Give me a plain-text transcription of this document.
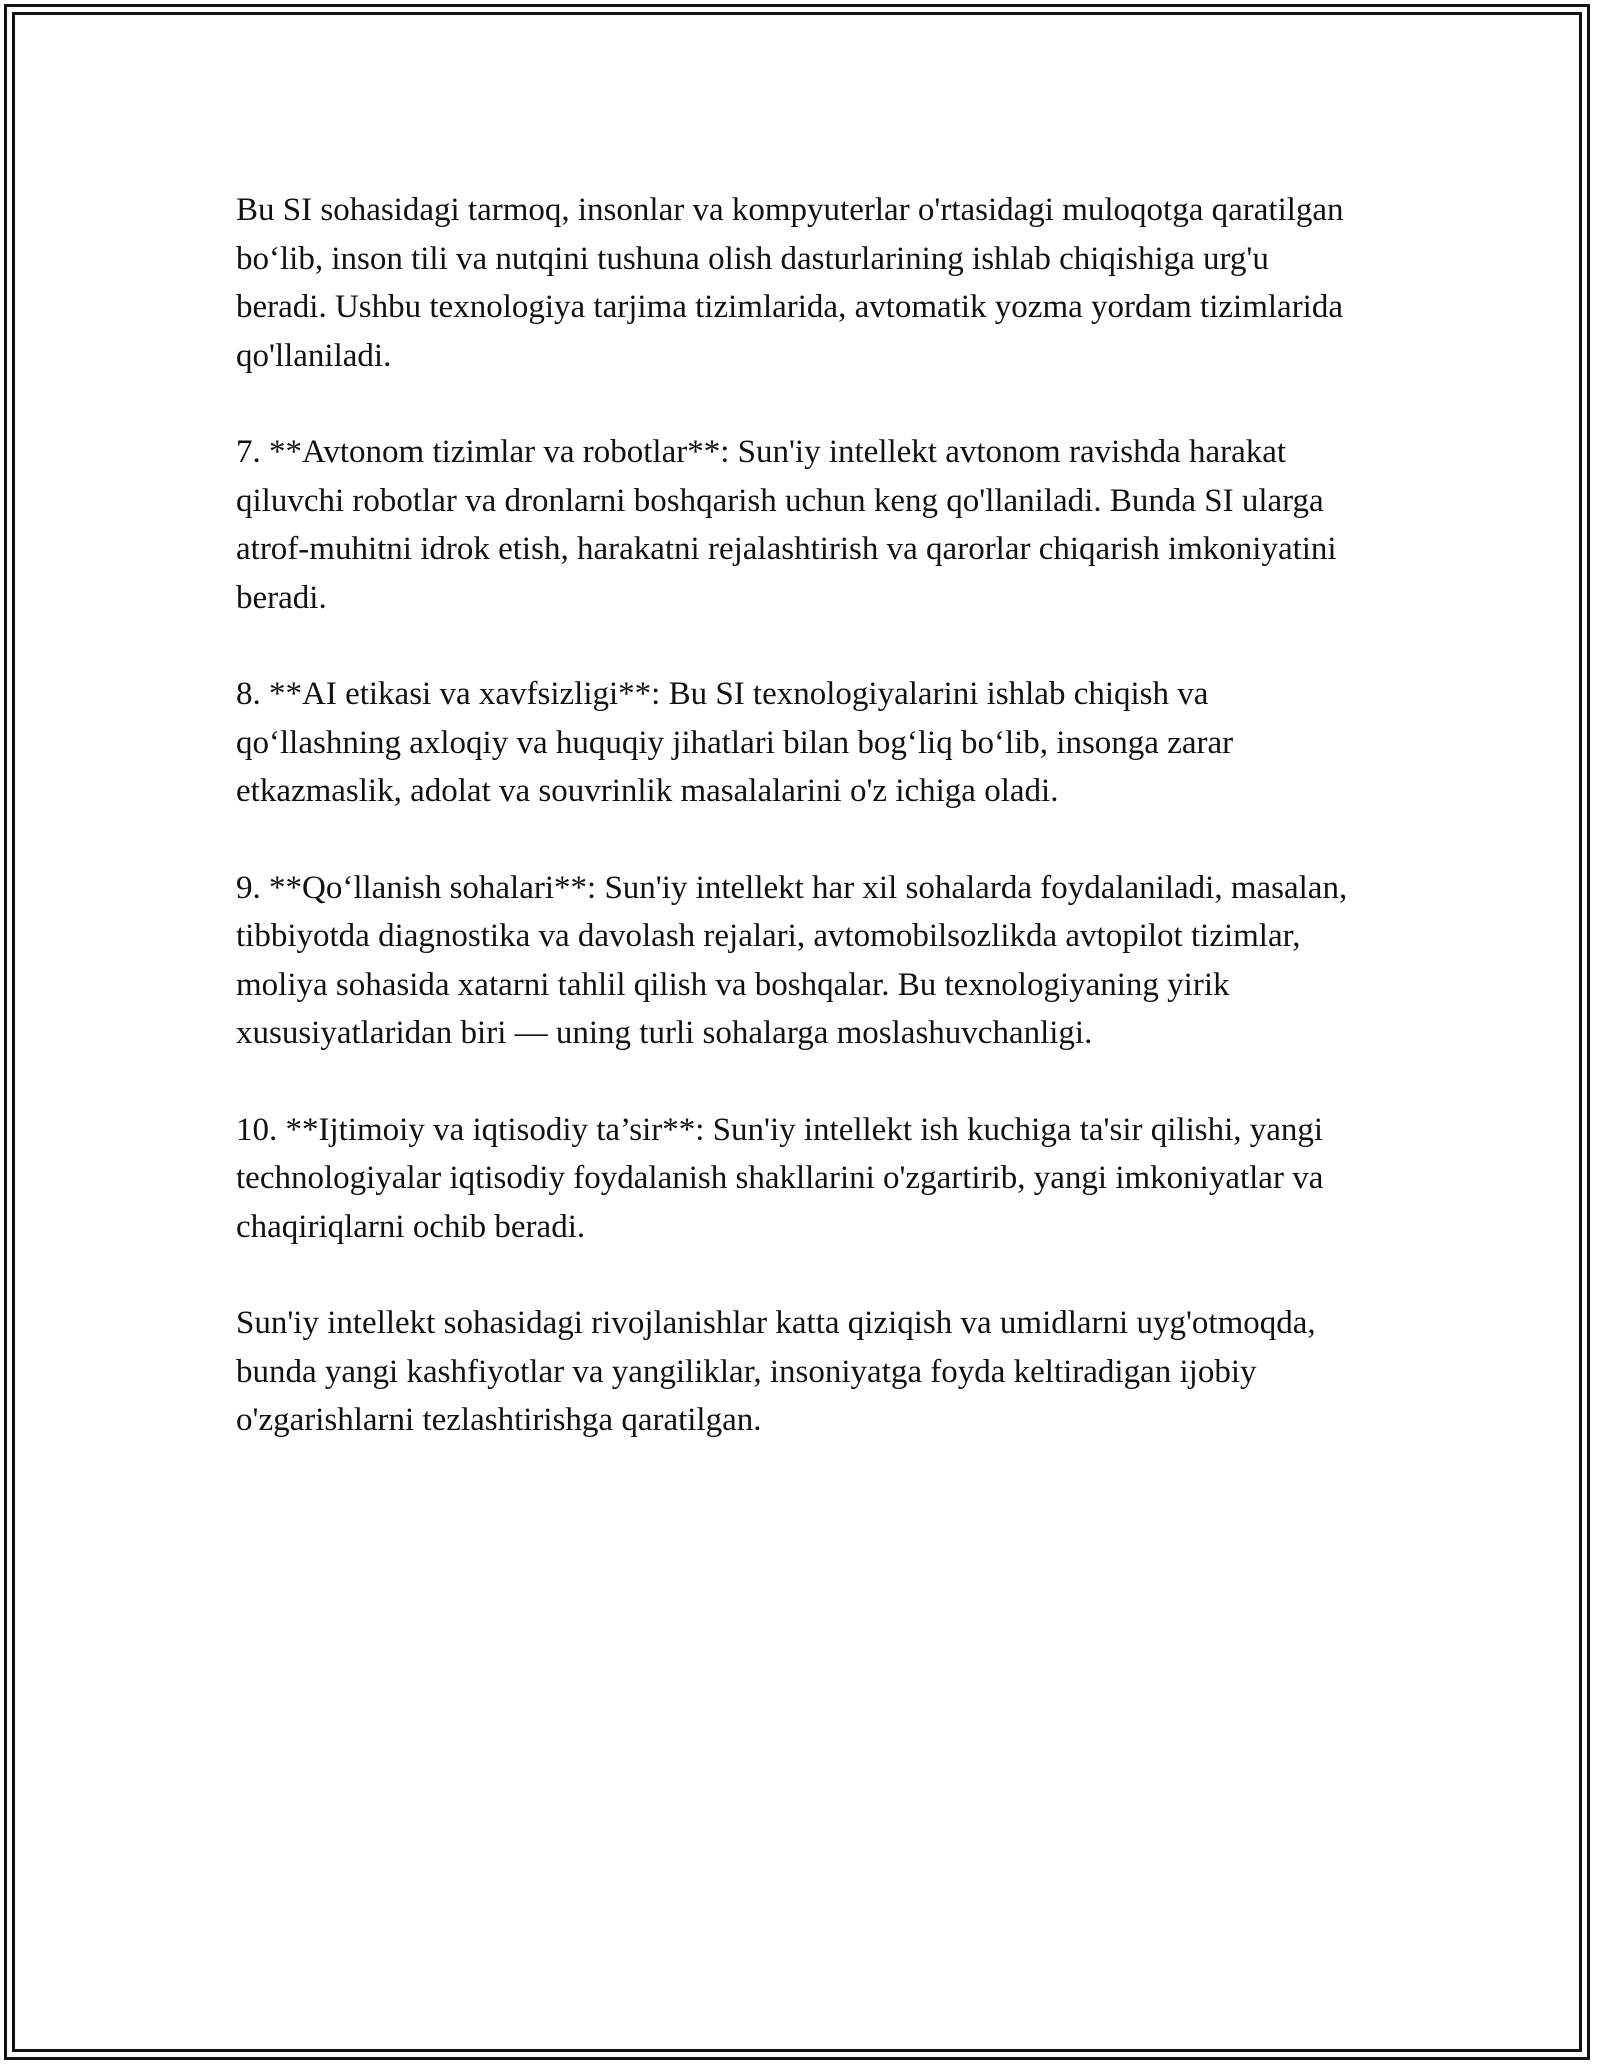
Bu SI sohasidagi tarmoq, insonlar va kompyuterlar o'rtasidagi muloqotga qaratilgan bo‘lib, inson tili va nutqini tushuna olish dasturlarining ishlab chiqishiga urg'u beradi. Ushbu texnologiya tarjima tizimlarida, avtomatik yozma yordam tizimlarida qo'llaniladi.

7. **Avtonom tizimlar va robotlar**: Sun'iy intellekt avtonom ravishda harakat qiluvchi robotlar va dronlarni boshqarish uchun keng qo'llaniladi. Bunda SI ularga atrof-muhitni idrok etish, harakatni rejalashtirish va qarorlar chiqarish imkoniyatini beradi.

8. **AI etikasi va xavfsizligi**: Bu SI texnologiyalarini ishlab chiqish va qo‘llashning axloqiy va huquqiy jihatlari bilan bog‘liq bo‘lib, insonga zarar etkazmaslik, adolat va souvrinlik masalalarini o'z ichiga oladi.

9. **Qo‘llanish sohalari**: Sun'iy intellekt har xil sohalarda foydalaniladi, masalan, tibbiyotda diagnostika va davolash rejalari, avtomobilsozlikda avtopilot tizimlar, moliya sohasida xatarni tahlil qilish va boshqalar. Bu texnologiyaning yirik xususiyatlaridan biri — uning turli sohalarga moslashuvchanligi.

10. **Ijtimoiy va iqtisodiy ta’sir**: Sun'iy intellekt ish kuchiga ta'sir qilishi, yangi technologiyalar iqtisodiy foydalanish shakllarini o'zgartirib, yangi imkoniyatlar va chaqiriqlarni ochib beradi.

Sun'iy intellekt sohasidagi rivojlanishlar katta qiziqish va umidlarni uyg'otmoqda, bunda yangi kashfiyotlar va yangiliklar, insoniyatga foyda keltiradigan ijobiy o'zgarishlarni tezlashtirishga qaratilgan.
